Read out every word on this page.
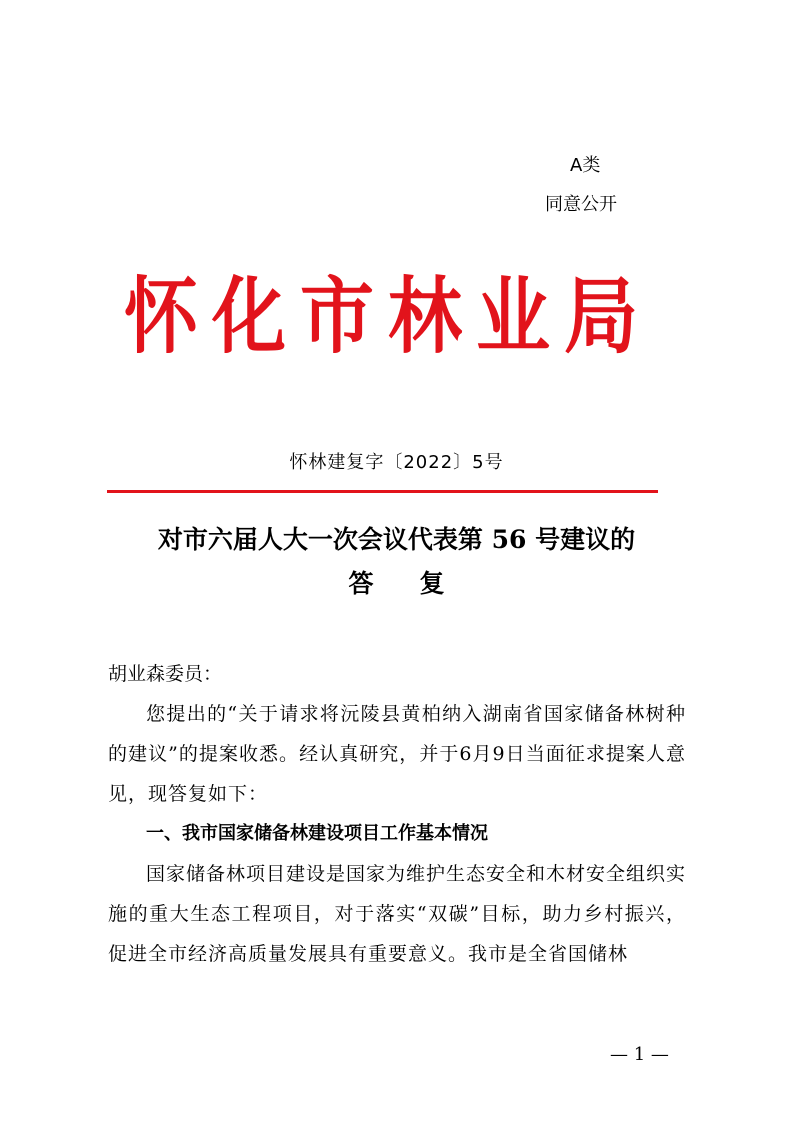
A类
同意公开
怀化市林业局
怀林建复字〔2022〕5号
对市六届人大一次会议代表第 56 号建议的
答复

胡业森委员：

您提出的“关于请求将沅陵县黄柏纳入湖南省国家储备林树种的建议”的提案收悉。经认真研究，并于6月9日当面征求提案人意见，现答复如下：

一、我市国家储备林建设项目工作基本情况

国家储备林项目建设是国家为维护生态安全和木材安全组织实施的重大生态工程项目，对于落实“双碳”目标，助力乡村振兴，促进全市经济高质量发展具有重要意义。我市是全省国储林

— 1 —
